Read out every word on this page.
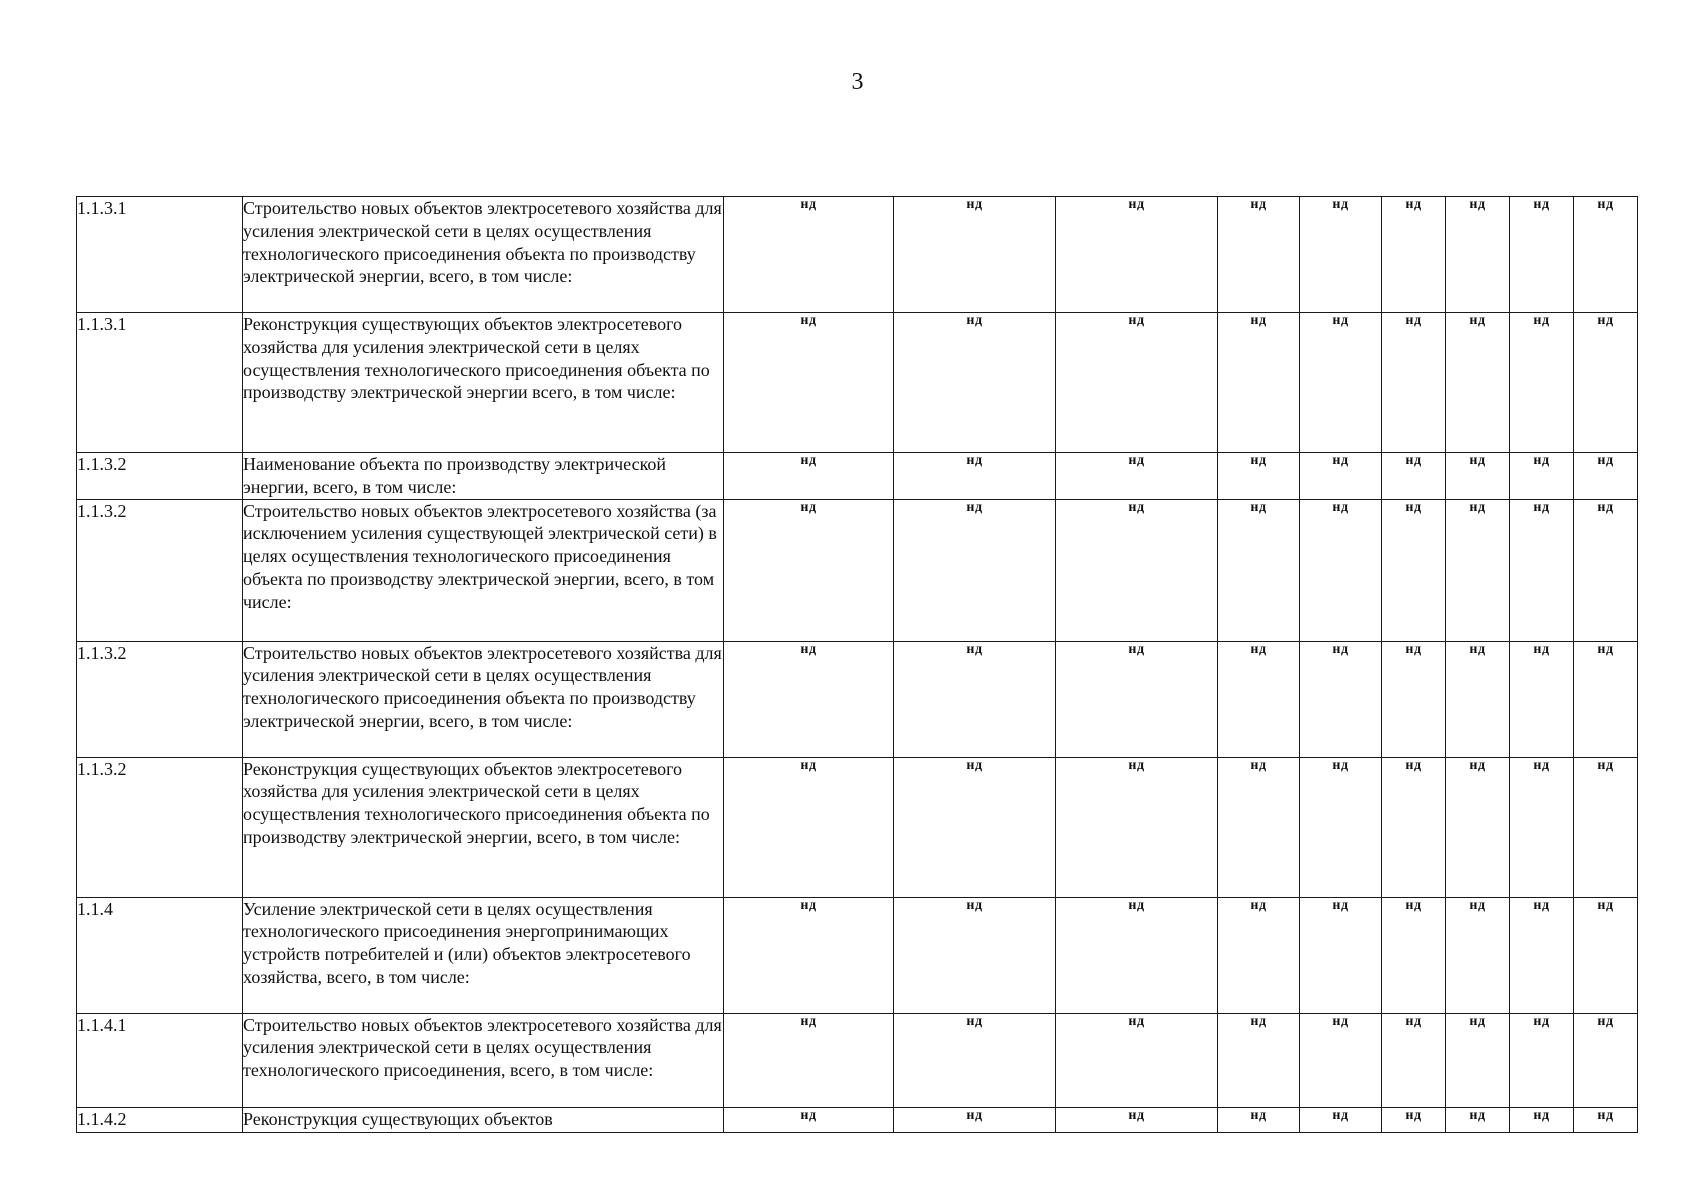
3
1.1.3.1	Строительство новых объектов электросетевого хозяйства для усиления электрической сети в целях осуществления технологического присоединения объекта по производству электрической энергии, всего, в том числе:	нд	нд	нд	нд	нд	нд	нд	нд	нд
1.1.3.1	Реконструкция существующих объектов электросетевого хозяйства для усиления электрической сети в целях осуществления технологического присоединения объекта по производству электрической энергии всего, в том числе:	нд	нд	нд	нд	нд	нд	нд	нд	нд
1.1.3.2	Наименование объекта по производству электрической энергии, всего, в том числе:	нд	нд	нд	нд	нд	нд	нд	нд	нд
1.1.3.2	Строительство новых объектов электросетевого хозяйства (за исключением усиления существующей электрической сети) в целях осуществления технологического присоединения объекта по производству электрической энергии, всего, в том числе:	нд	нд	нд	нд	нд	нд	нд	нд	нд
1.1.3.2	Строительство новых объектов электросетевого хозяйства для усиления электрической сети в целях осуществления технологического присоединения объекта по производству электрической энергии, всего, в том числе:	нд	нд	нд	нд	нд	нд	нд	нд	нд
1.1.3.2	Реконструкция существующих объектов электросетевого хозяйства для усиления электрической сети в целях осуществления технологического присоединения объекта по производству электрической энергии, всего, в том числе:	нд	нд	нд	нд	нд	нд	нд	нд	нд
1.1.4	Усиление электрической сети в целях осуществления технологического присоединения энергопринимающих устройств потребителей и (или) объектов электросетевого хозяйства, всего, в том числе:	нд	нд	нд	нд	нд	нд	нд	нд	нд
1.1.4.1	Строительство новых объектов электросетевого хозяйства для усиления электрической сети в целях осуществления технологического присоединения, всего, в том числе:	нд	нд	нд	нд	нд	нд	нд	нд	нд
1.1.4.2	Реконструкция существующих объектов	нд	нд	нд	нд	нд	нд	нд	нд	нд
